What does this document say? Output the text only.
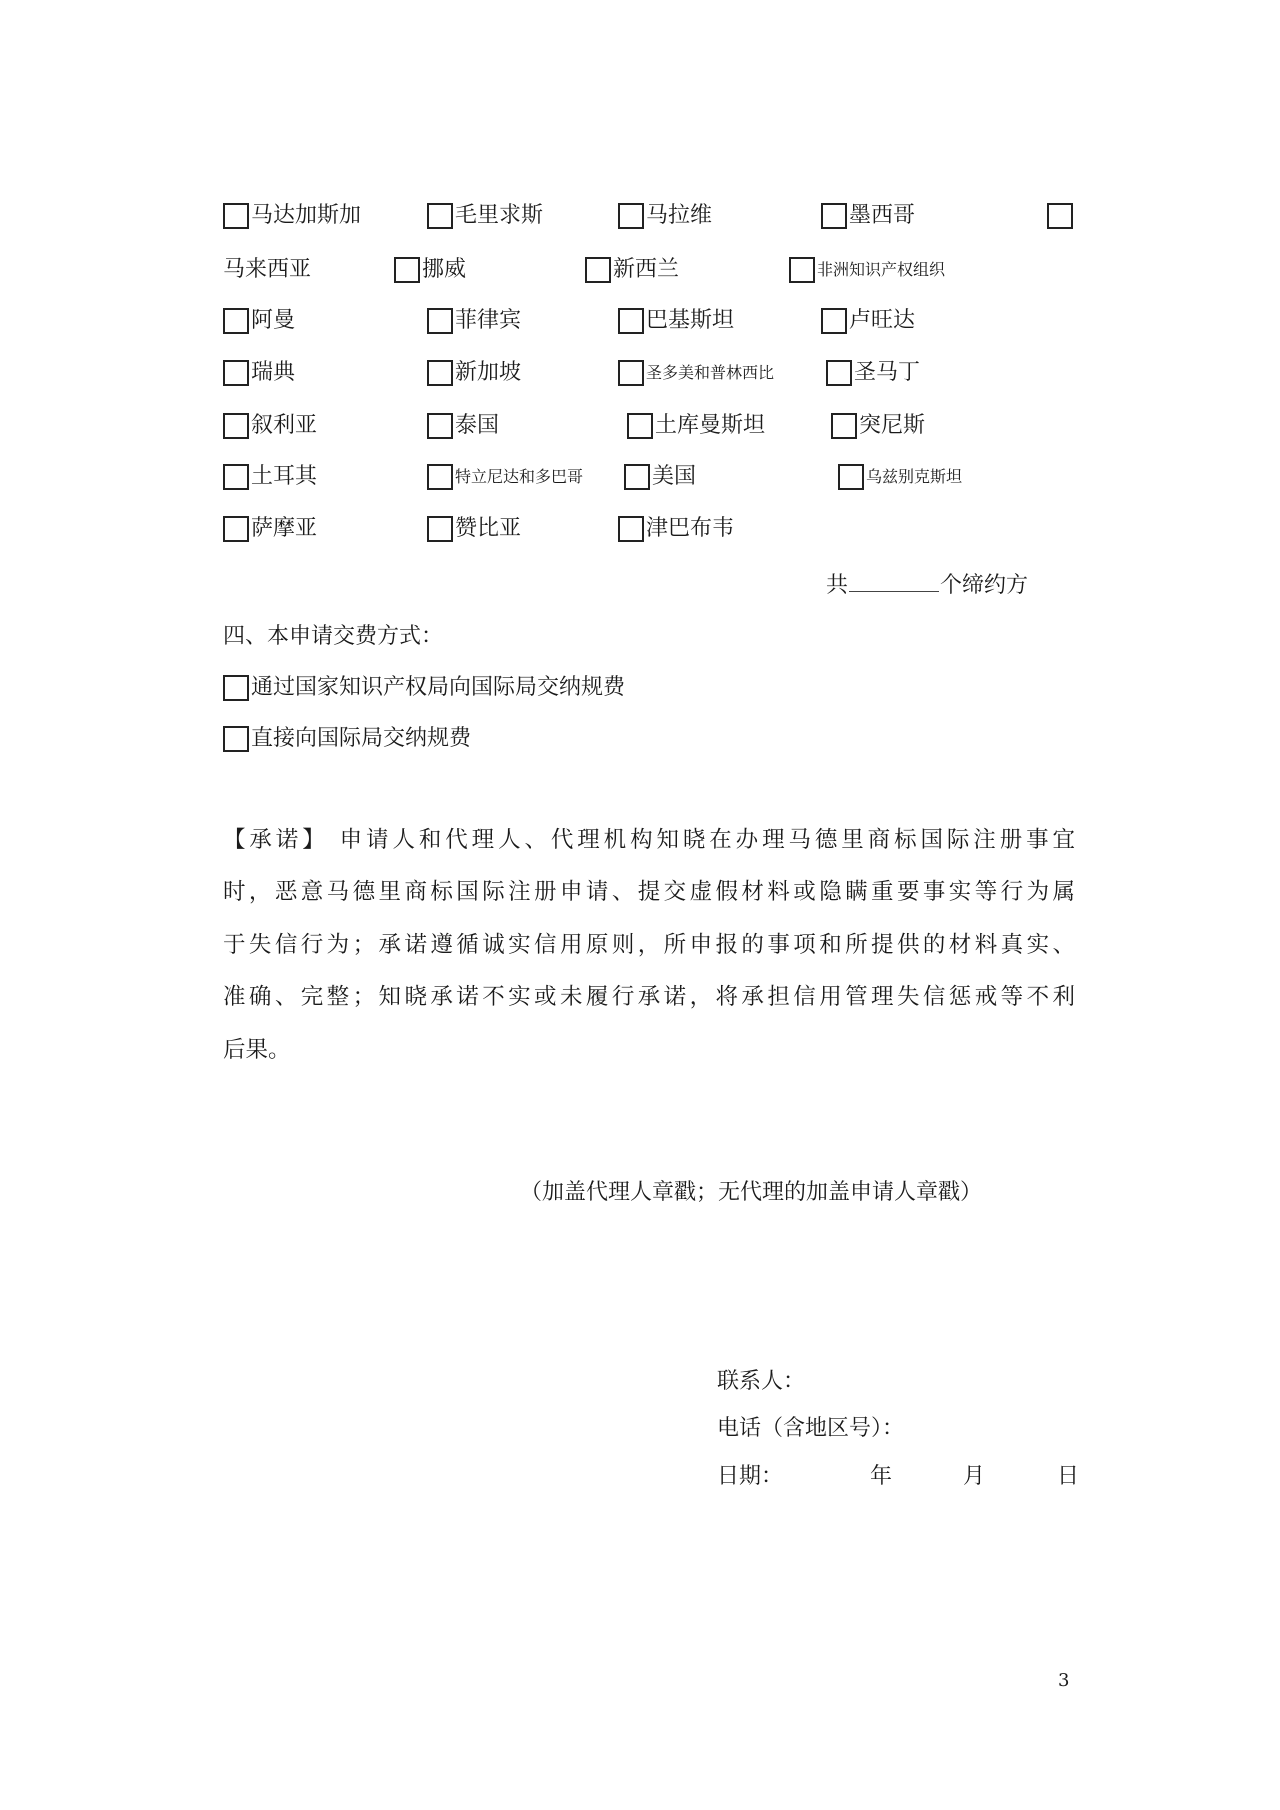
马达加斯加	毛里求斯	马拉维	墨西哥
马来西亚	挪威	新西兰	非洲知识产权组织
阿曼	菲律宾	巴基斯坦	卢旺达
瑞典	新加坡	圣多美和普林西比	圣马丁
叙利亚	泰国	土库曼斯坦	突尼斯
土耳其	特立尼达和多巴哥	美国	乌兹别克斯坦
萨摩亚	赞比亚	津巴布韦
共	个缔约方
四、本申请交费方式：
通过国家知识产权局向国际局交纳规费
直接向国际局交纳规费
【承诺】 申请人和代理人、代理机构知晓在办理马德里商标国际注册事宜
时，恶意马德里商标国际注册申请、提交虚假材料或隐瞒重要事实等行为属
于失信行为；承诺遵循诚实信用原则，所申报的事项和所提供的材料真实、
准确、完整；知晓承诺不实或未履行承诺，将承担信用管理失信惩戒等不利
后果。
（加盖代理人章戳；无代理的加盖申请人章戳）
联系人：
电话（含地区号）：
日期：	年	月	日
3
